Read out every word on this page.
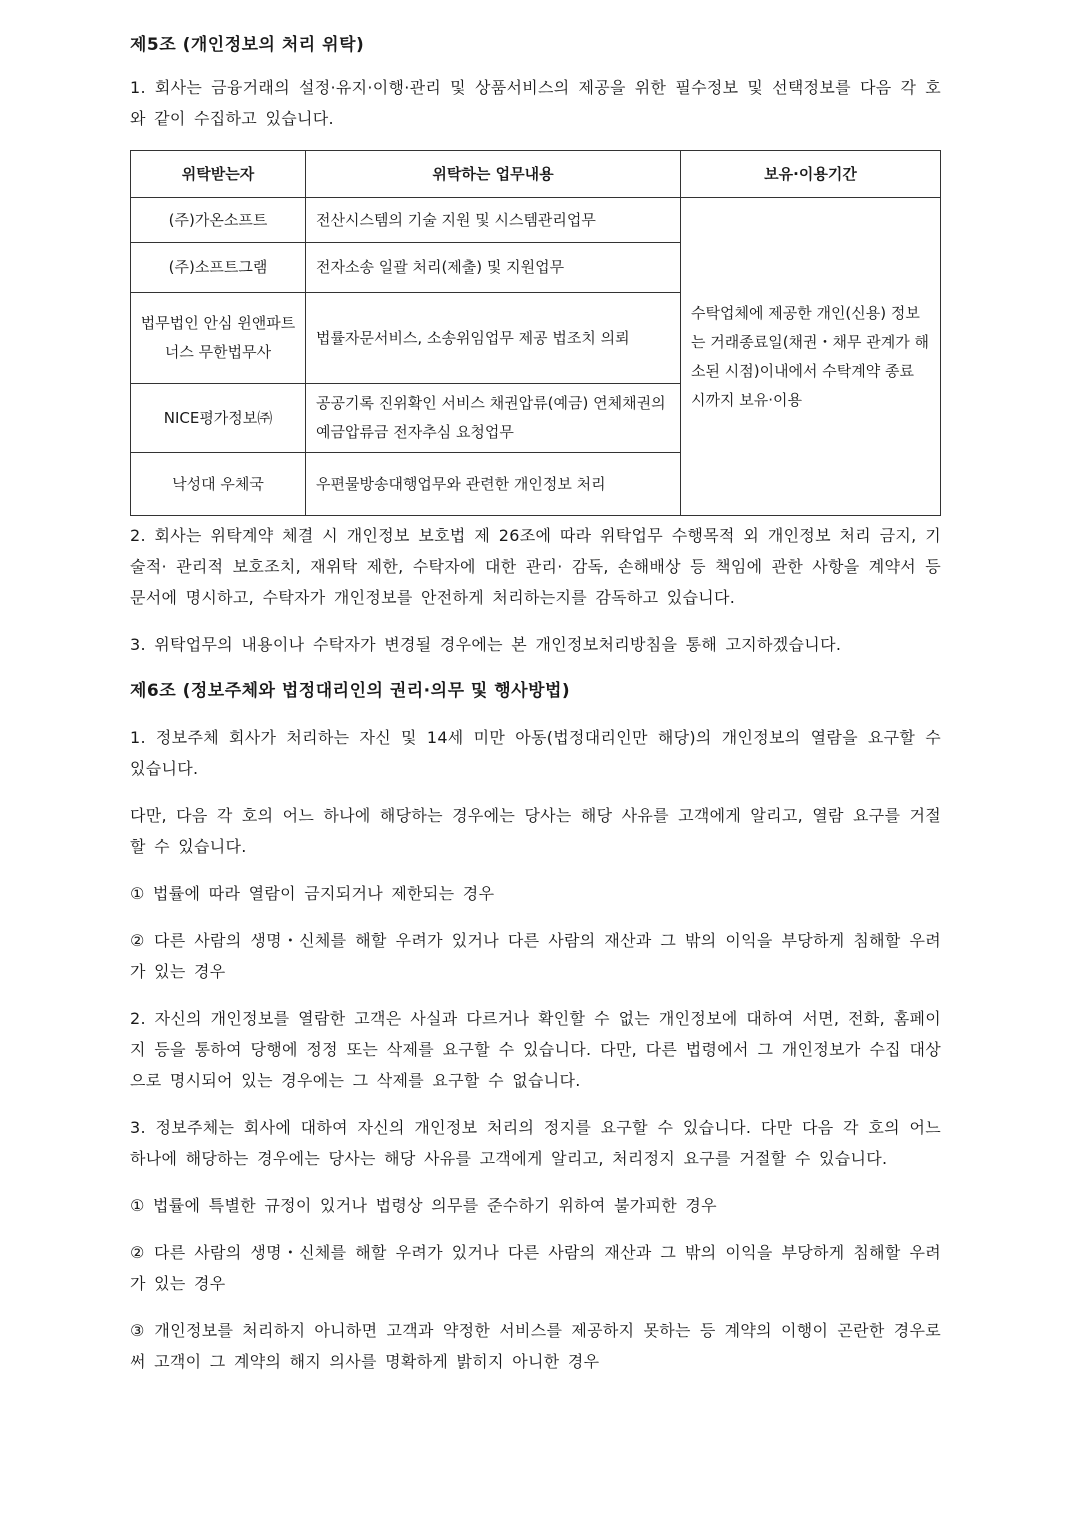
제5조 (개인정보의 처리 위탁)

1. 회사는 금융거래의 설정·유지·이행·관리 및 상품서비스의 제공을 위한 필수정보 및 선택정보를 다음 각 호와 같이 수집하고 있습니다.

위탁받는자	위탁하는 업무내용	보유·이용기간
(주)가온소프트	전산시스템의 기술 지원 및 시스템관리업무	수탁업체에 제공한 개인(신용) 정보는 거래종료일(채권・채무 관계가 해소된 시점)이내에서 수탁계약 종료 시까지 보유·이용
(주)소프트그램	전자소송 일괄 처리(제출) 및 지원업무	
법무법인 안심 윈앤파트너스 무한법무사	법률자문서비스, 소송위임업무 제공 법조치 의뢰	
NICE평가정보㈜	공공기록 진위확인 서비스 채권압류(예금) 연체채권의 예금압류금 전자추심 요청업무	
낙성대 우체국	우편물방송대행업무와 관련한 개인정보 처리	

2. 회사는 위탁계약 체결 시 개인정보 보호법 제 26조에 따라 위탁업무 수행목적 외 개인정보 처리 금지, 기술적· 관리적 보호조치, 재위탁 제한, 수탁자에 대한 관리· 감독, 손해배상 등 책임에 관한 사항을 계약서 등 문서에 명시하고, 수탁자가 개인정보를 안전하게 처리하는지를 감독하고 있습니다.

3. 위탁업무의 내용이나 수탁자가 변경될 경우에는 본 개인정보처리방침을 통해 고지하겠습니다.

제6조 (정보주체와 법정대리인의 권리·의무 및 행사방법)

1. 정보주체 회사가 처리하는 자신 및 14세 미만 아동(법정대리인만 해당)의 개인정보의 열람을 요구할 수 있습니다.

다만, 다음 각 호의 어느 하나에 해당하는 경우에는 당사는 해당 사유를 고객에게 알리고, 열람 요구를 거절할 수 있습니다.

① 법률에 따라 열람이 금지되거나 제한되는 경우

② 다른 사람의 생명・신체를 해할 우려가 있거나 다른 사람의 재산과 그 밖의 이익을 부당하게 침해할 우려가 있는 경우

2. 자신의 개인정보를 열람한 고객은 사실과 다르거나 확인할 수 없는 개인정보에 대하여 서면, 전화, 홈페이지 등을 통하여 당행에 정정 또는 삭제를 요구할 수 있습니다. 다만, 다른 법령에서 그 개인정보가 수집 대상으로 명시되어 있는 경우에는 그 삭제를 요구할 수 없습니다.

3. 정보주체는 회사에 대하여 자신의 개인정보 처리의 정지를 요구할 수 있습니다. 다만 다음 각 호의 어느 하나에 해당하는 경우에는 당사는 해당 사유를 고객에게 알리고, 처리정지 요구를 거절할 수 있습니다.

① 법률에 특별한 규정이 있거나 법령상 의무를 준수하기 위하여 불가피한 경우

② 다른 사람의 생명・신체를 해할 우려가 있거나 다른 사람의 재산과 그 밖의 이익을 부당하게 침해할 우려가 있는 경우

③ 개인정보를 처리하지 아니하면 고객과 약정한 서비스를 제공하지 못하는 등 계약의 이행이 곤란한 경우로써 고객이 그 계약의 해지 의사를 명확하게 밝히지 아니한 경우
